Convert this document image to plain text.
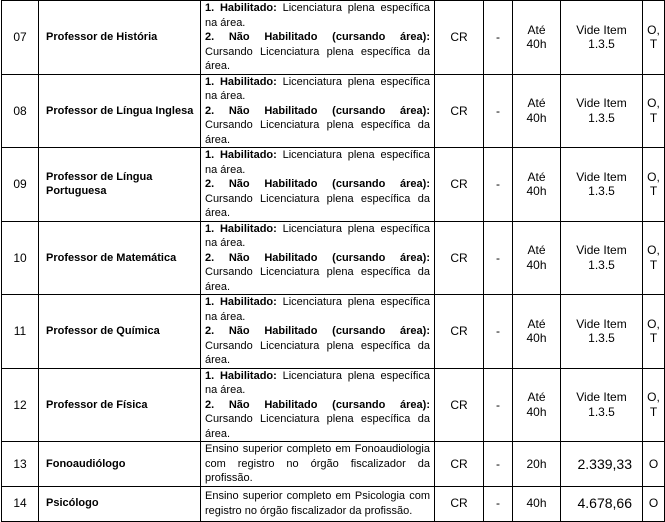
07	Professor de História	1. Habilitado: Licenciatura plena específica na área.
2. Não Habilitado (cursando área): Cursando Licenciatura plena específica da área.	CR	-	Até 40h	Vide Item 1.3.5	O, T
08	Professor de Língua Inglesa	1. Habilitado: Licenciatura plena específica na área.
2. Não Habilitado (cursando área): Cursando Licenciatura plena específica da área.	CR	-	Até 40h	Vide Item 1.3.5	O, T
09	Professor de Língua Portuguesa	1. Habilitado: Licenciatura plena específica na área.
2. Não Habilitado (cursando área): Cursando Licenciatura plena específica da área.	CR	-	Até 40h	Vide Item 1.3.5	O, T
10	Professor de Matemática	1. Habilitado: Licenciatura plena específica na área.
2. Não Habilitado (cursando área): Cursando Licenciatura plena específica da área.	CR	-	Até 40h	Vide Item 1.3.5	O, T
11	Professor de Química	1. Habilitado: Licenciatura plena específica na área.
2. Não Habilitado (cursando área): Cursando Licenciatura plena específica da área.	CR	-	Até 40h	Vide Item 1.3.5	O, T
12	Professor de Física	1. Habilitado: Licenciatura plena específica na área.
2. Não Habilitado (cursando área): Cursando Licenciatura plena específica da área.	CR	-	Até 40h	Vide Item 1.3.5	O, T
13	Fonoaudiólogo	Ensino superior completo em Fonoaudiologia com registro no órgão fiscalizador da profissão.	CR	-	20h	2.339,33	O
14	Psicólogo	Ensino superior completo em Psicologia com registro no órgão fiscalizador da profissão.	CR	-	40h	4.678,66	O
